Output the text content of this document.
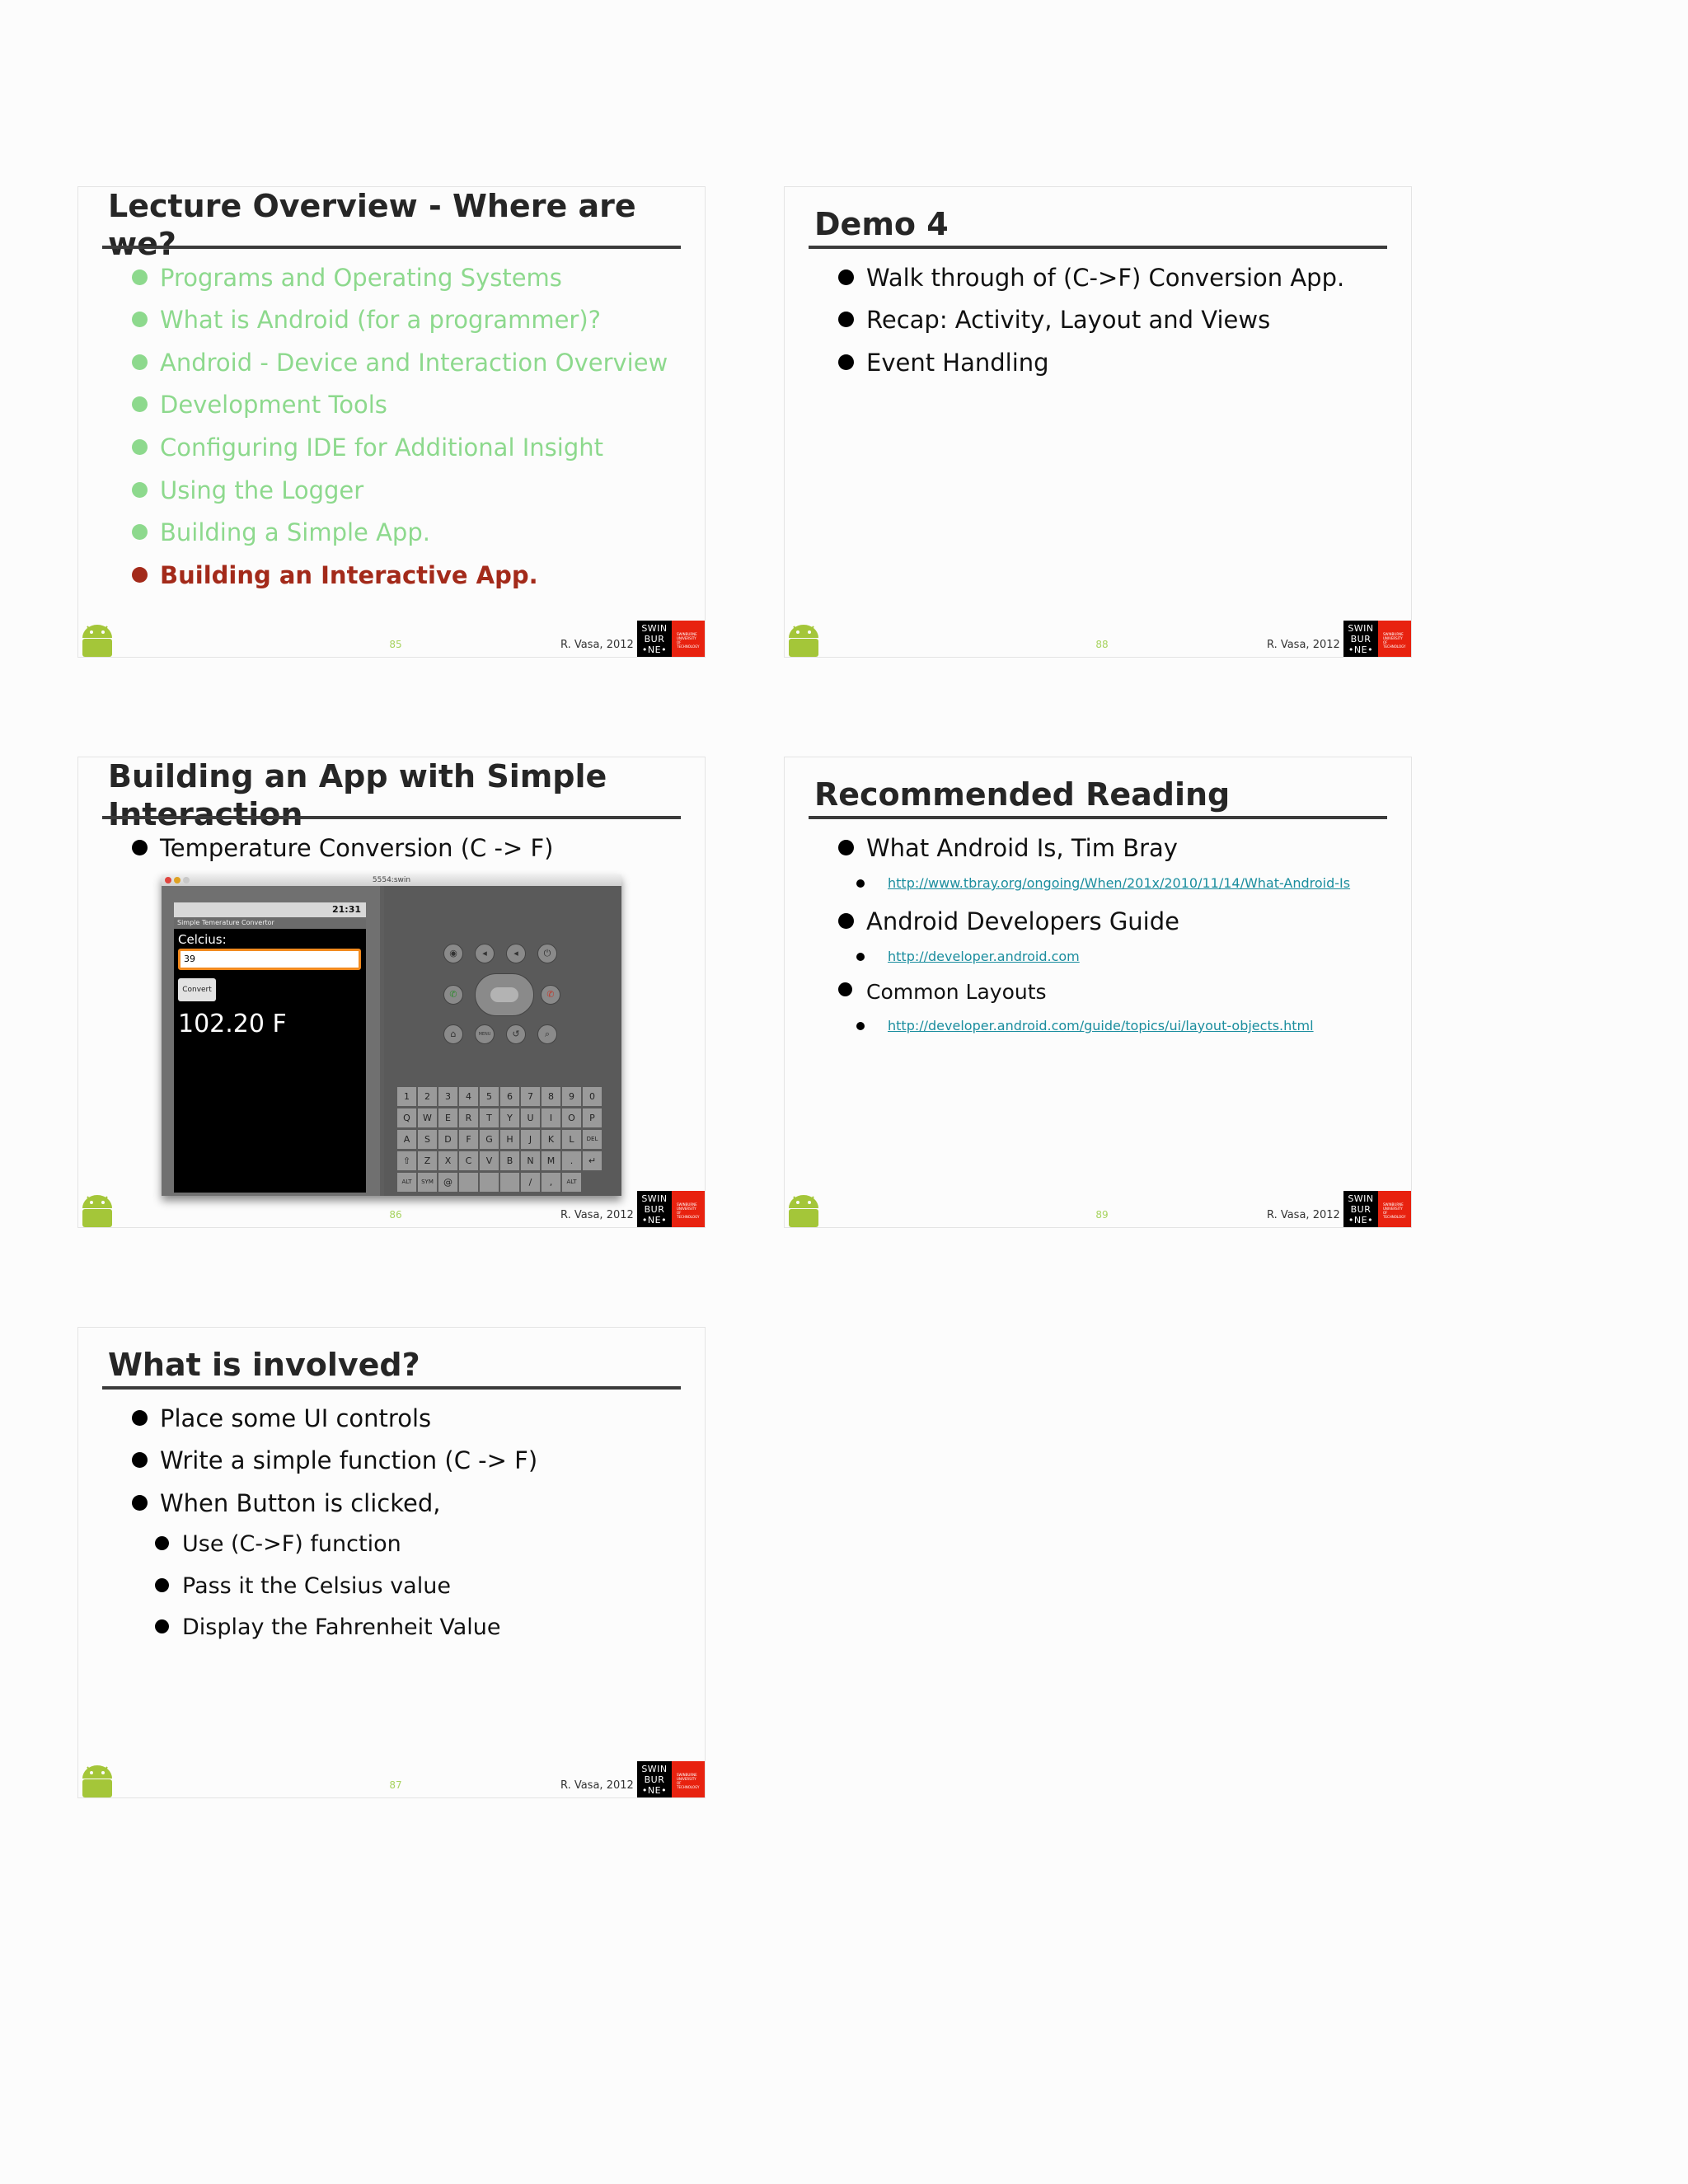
Lecture Overview - Where are we?
Programs and Operating Systems
What is Android (for a programmer)?
Android - Device and Interaction Overview
Development Tools
Configuring IDE for Additional Insight
Using the Logger
Building a Simple App.
Building an Interactive App.
85	R. Vasa, 2012
SWIN
BUR
•NE•
SWINBURNE UNIVERSITY OF TECHNOLOGY
Demo 4
Walk through of (C->F) Conversion App.
Recap: Activity, Layout and Views
Event Handling
88	R. Vasa, 2012
SWIN
BUR
•NE•
SWINBURNE UNIVERSITY OF TECHNOLOGY
Building an App with Simple Interaction
Temperature Conversion (C -> F)
5554:swin
21:31
Simple Temerature Convertor
Celcius:
39
Convert
102.20 F
◉	◂	◂	⏻
✆	✆
⌂	MENU	↺	⌕
1	2	3	4	5	6	7	8	9	0
Q	W	E	R	T	Y	U	I	O	P
A	S	D	F	G	H	J	K	L	DEL
⇧	Z	X	C	V	B	N	M	.	↵
ALT	SYM	@	/	,	ALT
86	R. Vasa, 2012
SWIN
BUR
•NE•
SWINBURNE UNIVERSITY OF TECHNOLOGY
Recommended Reading
What Android Is, Tim Bray
http://www.tbray.org/ongoing/When/201x/2010/11/14/What-Android-Is
Android Developers Guide
http://developer.android.com
Common Layouts
http://developer.android.com/guide/topics/ui/layout-objects.html
89	R. Vasa, 2012
SWIN
BUR
•NE•
SWINBURNE UNIVERSITY OF TECHNOLOGY
What is involved?
Place some UI controls
Write a simple function (C -> F)
When Button is clicked,
Use (C->F) function
Pass it the Celsius value
Display the Fahrenheit Value
87	R. Vasa, 2012
SWIN
BUR
•NE•
SWINBURNE UNIVERSITY OF TECHNOLOGY
